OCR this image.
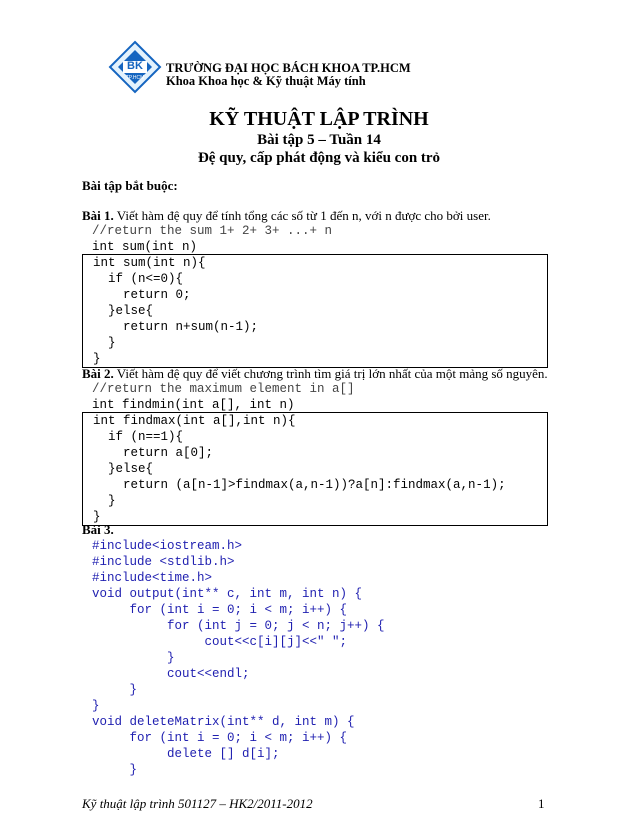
BK
TP.HCM
TRƯỜNG ĐẠI HỌC BÁCH KHOA TP.HCM
Khoa Khoa học & Kỹ thuật Máy tính
KỸ THUẬT LẬP TRÌNH
Bài tập 5 – Tuần 14
Đệ quy, cấp phát động và kiểu con trỏ
Bài tập bắt buộc:
Bài 1. Viết hàm đệ quy để tính tổng các số từ 1 đến n, với n được cho bởi user.
//return the sum 1+ 2+ 3+ ...+ n
int sum(int n)
int sum(int n){
if (n<=0){
return 0;
}else{
return n+sum(n-1);
}
}
Bài 2. Viết hàm đệ quy để viết chương trình tìm giá trị lớn nhất của một mảng số nguyên.
//return the maximum element in a[]
int findmin(int a[], int n)
int findmax(int a[],int n){
if (n==1){
return a[0];
}else{
return (a[n-1]>findmax(a,n-1))?a[n]:findmax(a,n-1);
}
}
Bài 3.
#include<iostream.h>
#include <stdlib.h>
#include<time.h>
void output(int** c, int m, int n) {
for (int i = 0; i < m; i++) {
for (int j = 0; j < n; j++) {
cout<<c[i][j]<<" ";
}
cout<<endl;
}
}
void deleteMatrix(int** d, int m) {
for (int i = 0; i < m; i++) {
delete [] d[i];
}
Kỹ thuật lập trình 501127 – HK2/2011-2012	1
